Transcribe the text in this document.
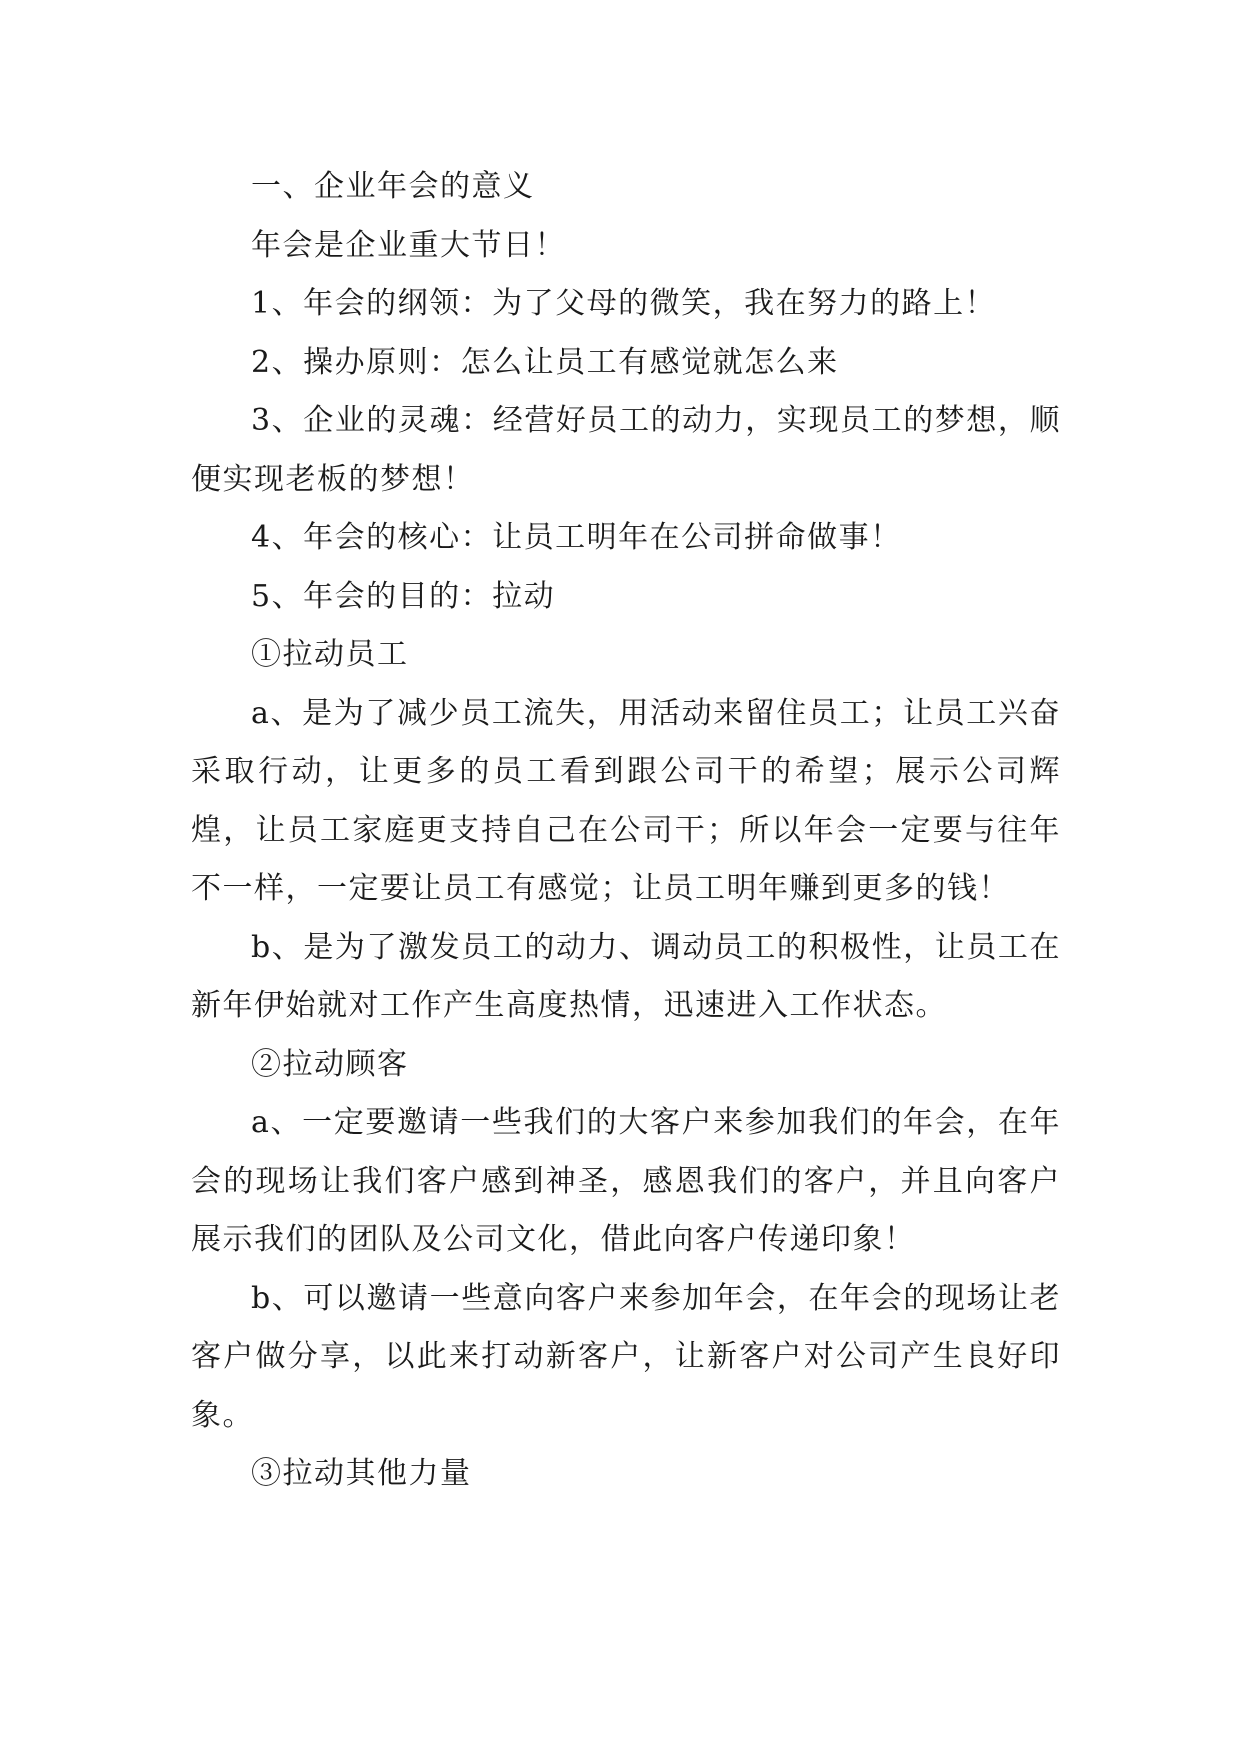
一、企业年会的意义

年会是企业重大节日！

1、年会的纲领：为了父母的微笑，我在努力的路上！

2、操办原则：怎么让员工有感觉就怎么来

3、企业的灵魂：经营好员工的动力，实现员工的梦想，顺便实现老板的梦想！

4、年会的核心：让员工明年在公司拼命做事！

5、年会的目的：拉动

①拉动员工

a、是为了减少员工流失，用活动来留住员工；让员工兴奋采取行动，让更多的员工看到跟公司干的希望；展示公司辉煌，让员工家庭更支持自己在公司干；所以年会一定要与往年不一样，一定要让员工有感觉；让员工明年赚到更多的钱！

b、是为了激发员工的动力、调动员工的积极性，让员工在新年伊始就对工作产生高度热情，迅速进入工作状态。

②拉动顾客

a、一定要邀请一些我们的大客户来参加我们的年会，在年会的现场让我们客户感到神圣，感恩我们的客户，并且向客户展示我们的团队及公司文化，借此向客户传递印象！

b、可以邀请一些意向客户来参加年会，在年会的现场让老客户做分享，以此来打动新客户，让新客户对公司产生良好印象。

③拉动其他力量
